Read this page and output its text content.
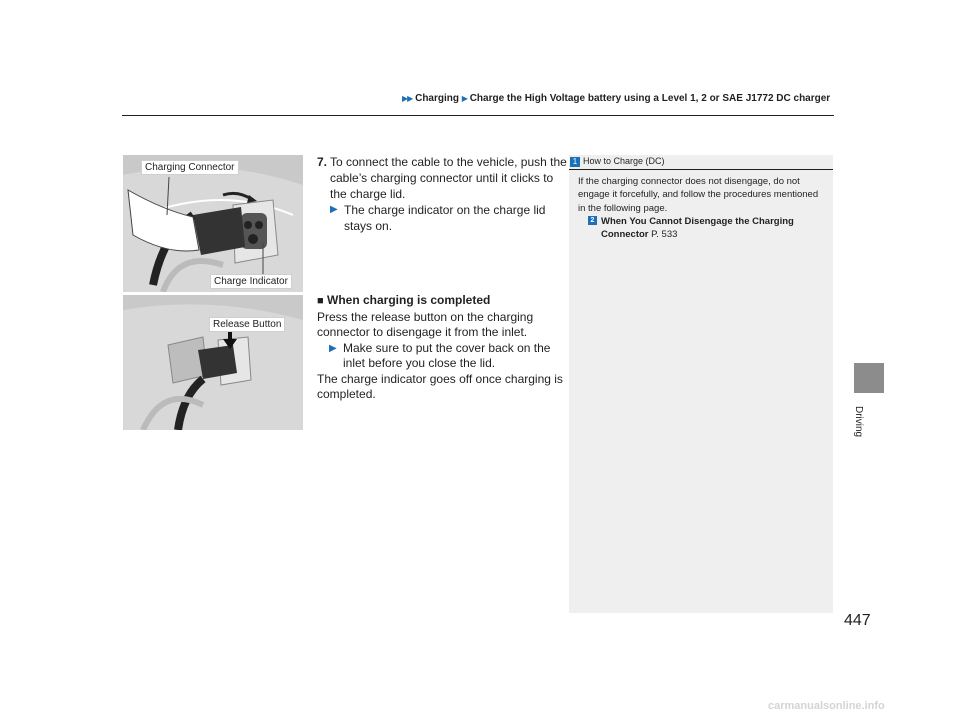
▶▶ Charging ▶ Charge the High Voltage battery using a Level 1, 2 or SAE J1772 DC charger
Charging Connector
Charge Indicator
Release Button
7. To connect the cable to the vehicle, push the cable’s charging connector until it clicks to the charge lid.
▶ The charge indicator on the charge lid stays on.
■ When charging is completed
Press the release button on the charging connector to disengage it from the inlet.
▶ Make sure to put the cover back on the inlet before you close the lid.
The charge indicator goes off once charging is completed.
1 How to Charge (DC)
If the charging connector does not disengage, do not engage it forcefully, and follow the procedures mentioned in the following page.
2 When You Cannot Disengage the Charging Connector P. 533
Driving
447
carmanualsonline.info
